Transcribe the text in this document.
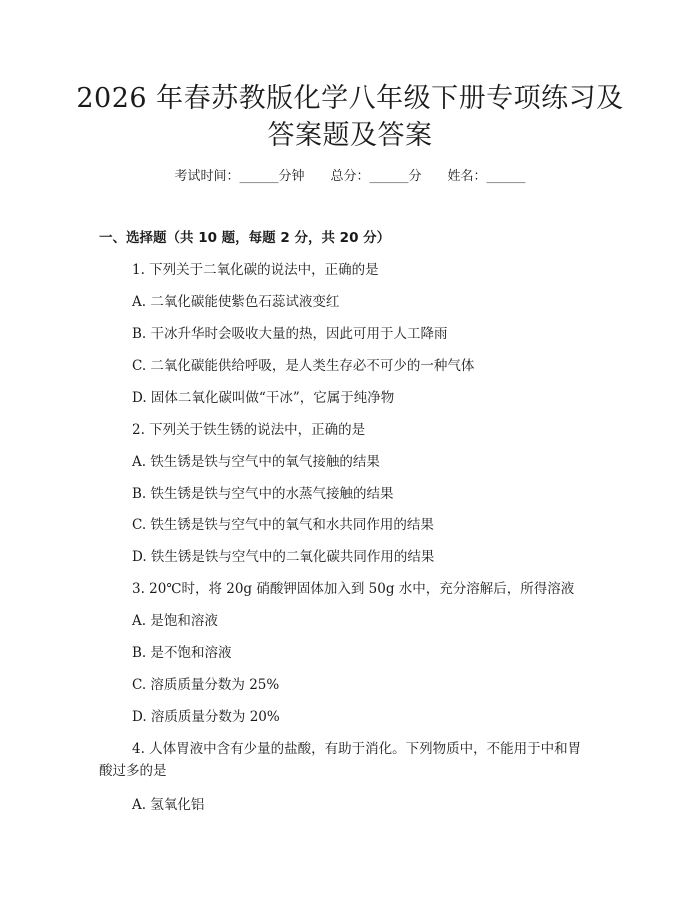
2026 年春苏教版化学八年级下册专项练习及
答案题及答案
考试时间：______分钟 总分：______分 姓名：______
一、选择题（共 10 题，每题 2 分，共 20 分）
1. 下列关于二氧化碳的说法中，正确的是
A. 二氧化碳能使紫色石蕊试液变红
B. 干冰升华时会吸收大量的热，因此可用于人工降雨
C. 二氧化碳能供给呼吸，是人类生存必不可少的一种气体
D. 固体二氧化碳叫做“干冰”，它属于纯净物
2. 下列关于铁生锈的说法中，正确的是
A. 铁生锈是铁与空气中的氧气接触的结果
B. 铁生锈是铁与空气中的水蒸气接触的结果
C. 铁生锈是铁与空气中的氧气和水共同作用的结果
D. 铁生锈是铁与空气中的二氧化碳共同作用的结果
3. 20℃时，将 20g 硝酸钾固体加入到 50g 水中，充分溶解后，所得溶液
A. 是饱和溶液
B. 是不饱和溶液
C. 溶质质量分数为 25%
D. 溶质质量分数为 20%
4. 人体胃液中含有少量的盐酸，有助于消化。下列物质中，不能用于中和胃
酸过多的是
A. 氢氧化铝
